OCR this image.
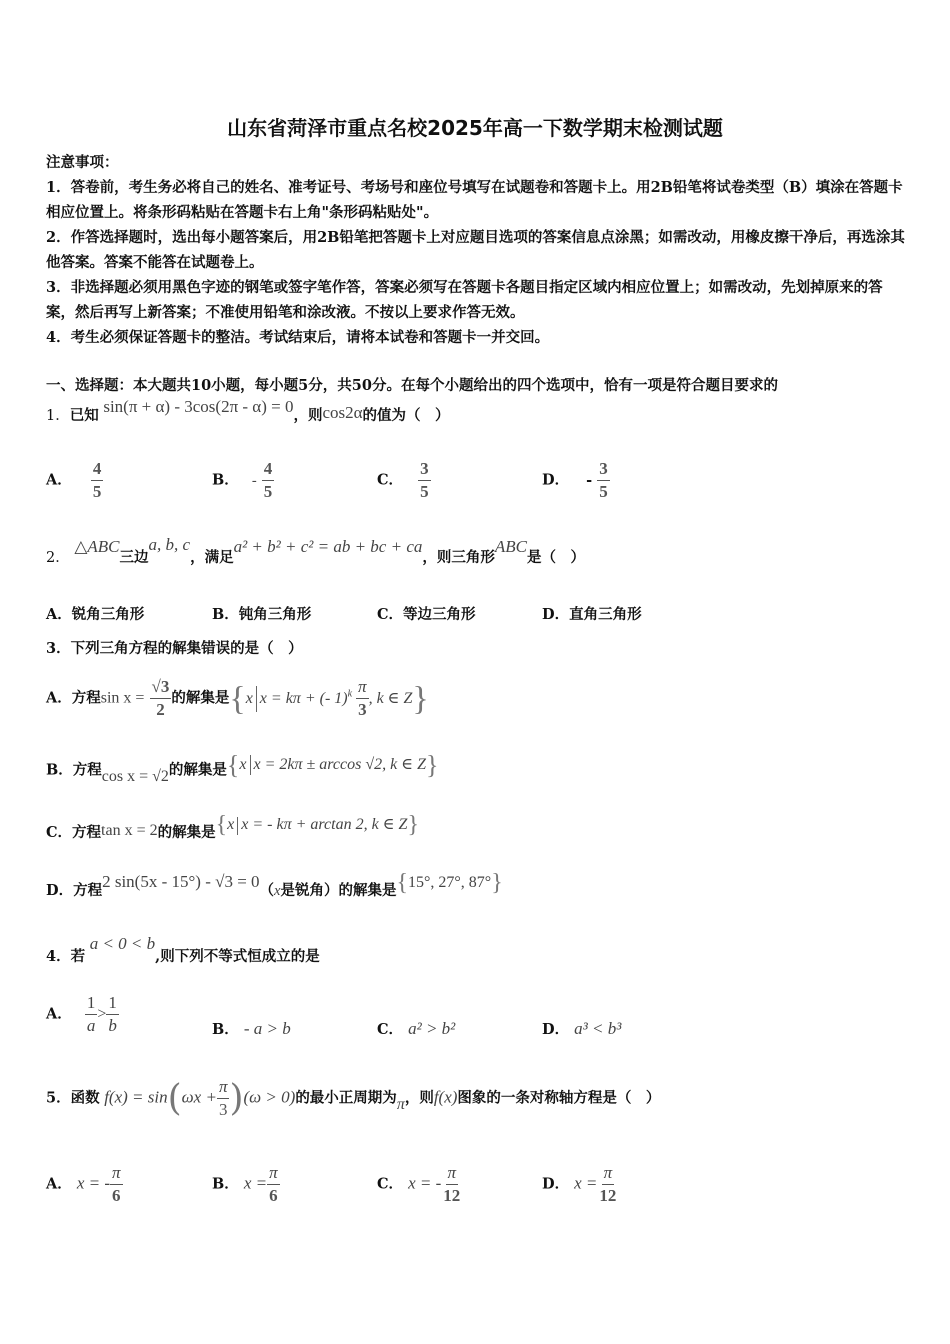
山东省菏泽市重点名校2025年高一下数学期末检测试题

注意事项：

1．答卷前，考生务必将自己的姓名、准考证号、考场号和座位号填写在试题卷和答题卡上。用2B铅笔将试卷类型（B）填涂在答题卡相应位置上。将条形码粘贴在答题卡右上角"条形码粘贴处"。

2．作答选择题时，选出每小题答案后，用2B铅笔把答题卡上对应题目选项的答案信息点涂黑；如需改动，用橡皮擦干净后，再选涂其他答案。答案不能答在试题卷上。

3．非选择题必须用黑色字迹的钢笔或签字笔作答，答案必须写在答题卡各题目指定区域内相应位置上；如需改动，先划掉原来的答案，然后再写上新答案；不准使用铅笔和涂改液。不按以上要求作答无效。

4．考生必须保证答题卡的整洁。考试结束后，请将本试卷和答题卡一并交回。

一、选择题：本大题共10小题，每小题5分，共50分。在每个小题给出的四个选项中，恰有一项是符合题目要求的
1．已知 sin(π + α) - 3cos(2π - α) = 0，则cos2α的值为（　）
A． $\frac{4}{5}$	B． - $\frac{4}{5}$	C． $\frac{3}{5}$	D． - $\frac{3}{5}$
2． △ABC三边a, b, c，满足a² + b² + c² = ab + bc + ca，则三角形ABC是（　）
A．锐角三角形	B．钝角三角形	C．等边三角形	D．直角三角形
3．下列三角方程的解集错误的是（　）
A．方程$\sin x = \frac{√3}{2}$ 的解集是{x x = kπ + (- $1)^k \frac{\pi}{3}$ , k ∈ Z}
B．方程cos x = √2的解集是{x x = 2kπ ± arccos √2, k ∈ Z}
C．方程tan x = 2的解集是{x x = - kπ + arctan 2, k ∈ Z}
D．方程2 sin(5x - 15°) - √3 = 0（x是锐角）的解集是{15°, 27°, 87°}
4．若 a < 0 < b,则下列不等式恒成立的是
A． $\frac{1}{a} > \frac{1}{b}$	B． - a > b	C． a² > b²	D． a³ < b³
5．函数 $f(x) = \sin(\omega x + \frac{\pi}{3} )(\omega > 0)$的最小正周期为π，则f(x)图象的一条对称轴方程是（　）
A． x = - $\frac{\pi}{6}$	B． $x = \frac{\pi}{6}$	C． x = - $\frac{\pi}{12}$	D． $x = \frac{\pi}{12}$
